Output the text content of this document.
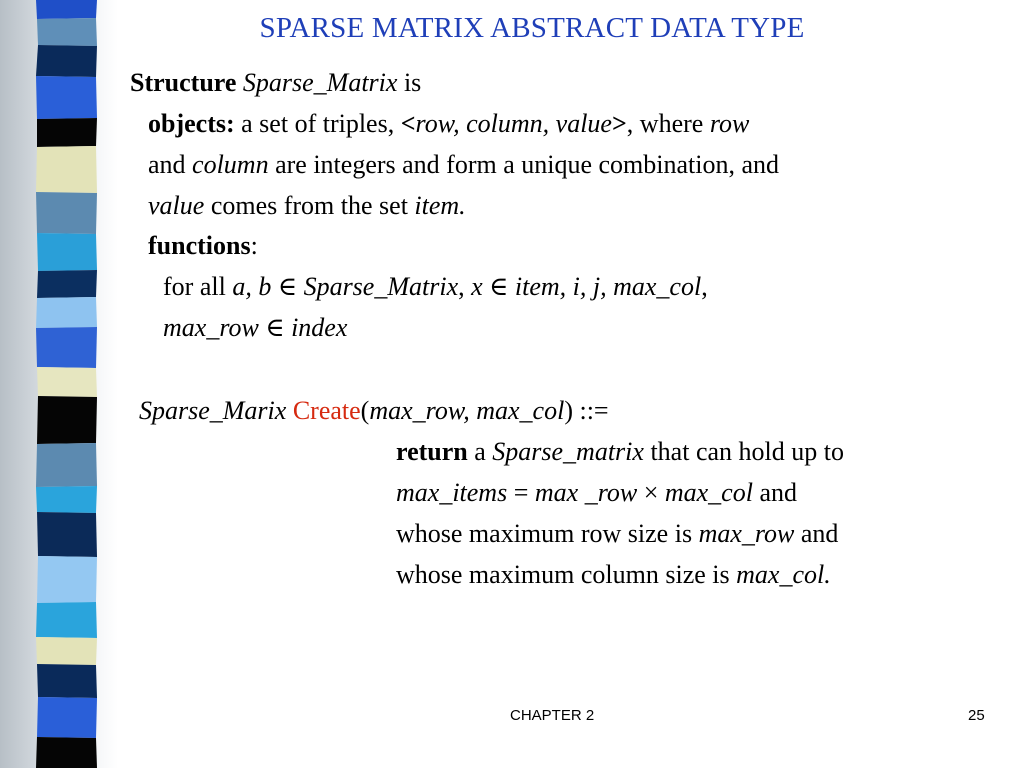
SPARSE MATRIX ABSTRACT DATA TYPE
Structure Sparse_Matrix is
objects: a set of triples, <row, column, value>, where row
and column are integers and form a unique combination, and
value comes from the set item.
functions:
for all a, b ∈ Sparse_Matrix, x ∈ item, i, j, max_col,
max_row ∈ index
Sparse_Marix Create(max_row, max_col) ::=
return a Sparse_matrix that can hold up to
max_items = max _row × max_col and
whose maximum row size is max_row and
whose maximum column size is max_col.
CHAPTER 2	25
